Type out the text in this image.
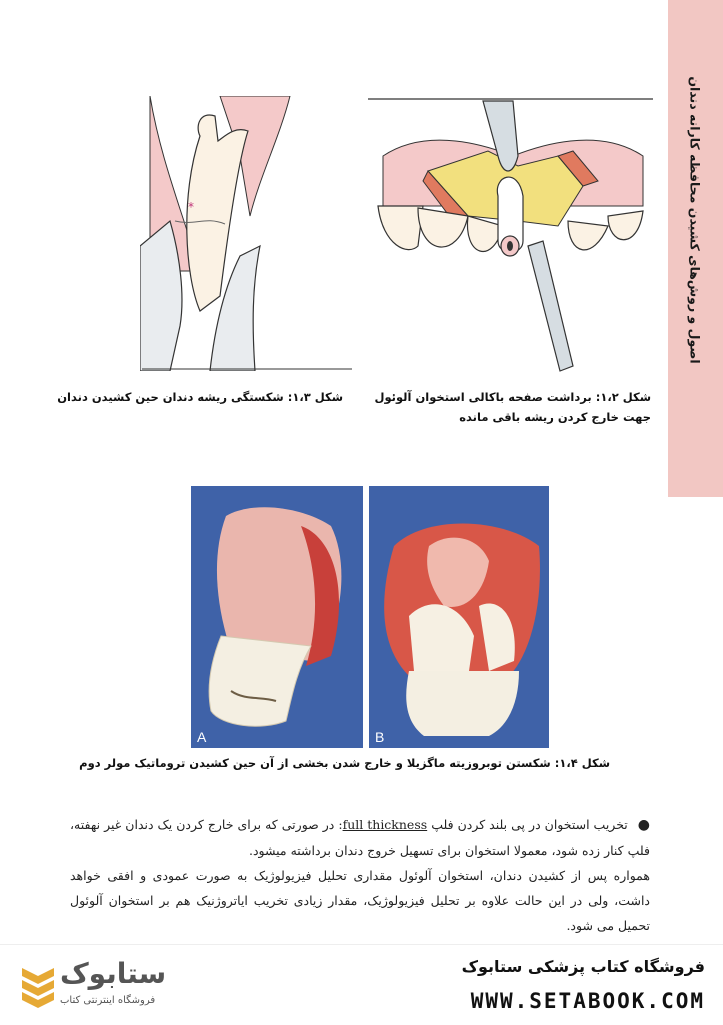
اصول و روش‌های کشیدن محافظه کارانه دندان
*
شکل ۱،۲: برداشت صفحه باکالی استخوان آلوئول
جهت خارج کردن ریشه باقی مانده
شکل ۱،۳: شکستگی ریشه دندان حین کشیدن دندان
A	B
شکل ۱،۴: شکستن توبروزیته ماگزیلا و خارج شدن بخشی از آن حین کشیدن تروماتیک مولر دوم
● تخریب استخوان در پی بلند کردن فلپ full thickness: در صورتی که برای خارج کردن یک دندان غیر نهفته، فلپ کنار زده شود، معمولا استخوان برای تسهیل خروج دندان برداشته میشود.
همواره پس از کشیدن دندان، استخوان آلوئول مقداری تحلیل فیزیولوژیک به صورت عمودی و افقی خواهد داشت، ولی در این حالت علاوه بر تحلیل فیزیولوژیک، مقدار زیادی تخریب ایاتروژنیک هم بر استخوان آلوئول تحمیل می شود.
ستابوک
فروشگاه اینترنتی کتاب
فروشگاه کتاب پزشکی ستابوک
WWW.SETABOOK.COM
